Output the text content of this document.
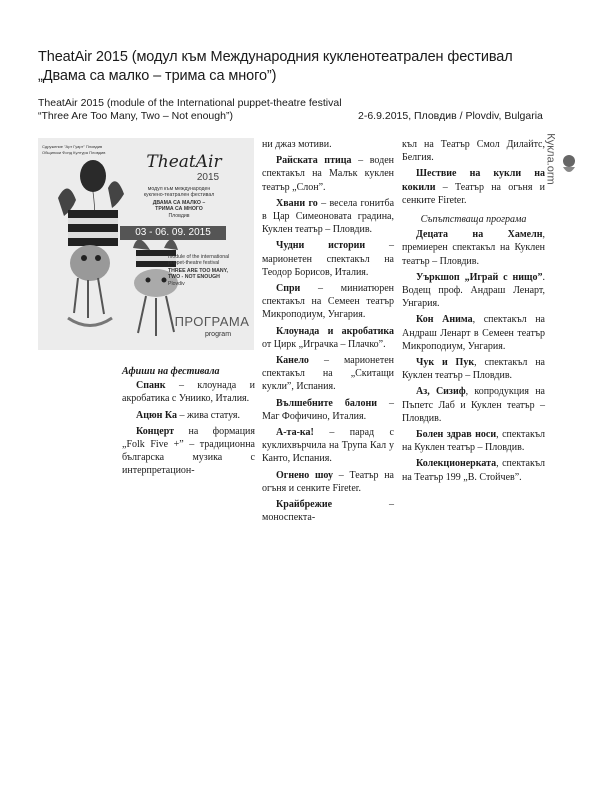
TheatAir 2015 (модул към Международния кукленотеатрален фестивал „Двама са малко – трима са много”)
TheatAir 2015 (module of the International puppet-theatre festival “Three Are Too Many, Two – Not enough”)	2-6.9.2015, Пловдив / Plovdiv, Bulgaria
Кукла.orm
Сдружение "Арт Гуарт" Пловдив
Общински Фонд Култура Пловдив	TheatAir
2015
модул към международен
кукленo-театрален фестивал
ДВАМА СА МАЛКО –
ТРИМА СА МНОГО
Пловдив
03 - 06. 09. 2015
module of the international
puppet-theatre festival
THREE ARE TOO MANY,
TWO - NOT ENOUGH
Plovdiv
ПРОГРАМА
program

Афиши на фестивала

Спанк – клоунада и акробатика с Униико, Италия.

Ацюн Ка – жива статуя.

Концерт на формация „Folk Five +” – традиционна българска музика с интерпретацион-

ни джаз мотиви.

Райската птица – воден спектакъл на Малък куклен театър „Слон”.

Хвани го – весела гонитба в Цар Симеоновата градина, Куклен театър – Пловдив.

Чудни истории – марионетен спектакъл на Теодор Борисов, Италия.

Спри – миниатюрен спектакъл на Семеен театър Микроподиум, Унгария.

Клоунада и акробатика от Цирк „Игрaчка – Плачко”.

Канело – марионетен спектакъл на „Скитащи кукли”, Испания.

Вълшебните балони – Маг Фофичино, Италия.

А-та-ка! – парад с куклихвърчила на Трупа Кал у Канто, Испания.

Огнено шоу – Театър на огъня и сенките Fireter.

Крайбрежие – моноспекта-

къл на Театър Смол Дилайтс, Белгия.

Шествие на кукли на кокили – Театър на огъня и сенките Fireter.

Съпътстваща програма

Децата на Хамелн, премиерен спектакъл на Куклен театър – Пловдив.

Уъркшоп „Играй с нищо”. Водещ проф. Андраш Ленарт, Унгария.

Кон Анима, спектакъл на Андраш Ленарт в Семеен театър Микроподиум, Унгария.

Чук и Пук, спектакъл на Куклен театър – Пловдив.

Аз, Сизиф, копродукция на Пъпетс Лаб и Куклен театър – Пловдив.

Болен здрав носи, спектакъл на Куклен театър – Пловдив.

Колекционерката, спектакъл на Театър 199 „В. Стойчев”.
